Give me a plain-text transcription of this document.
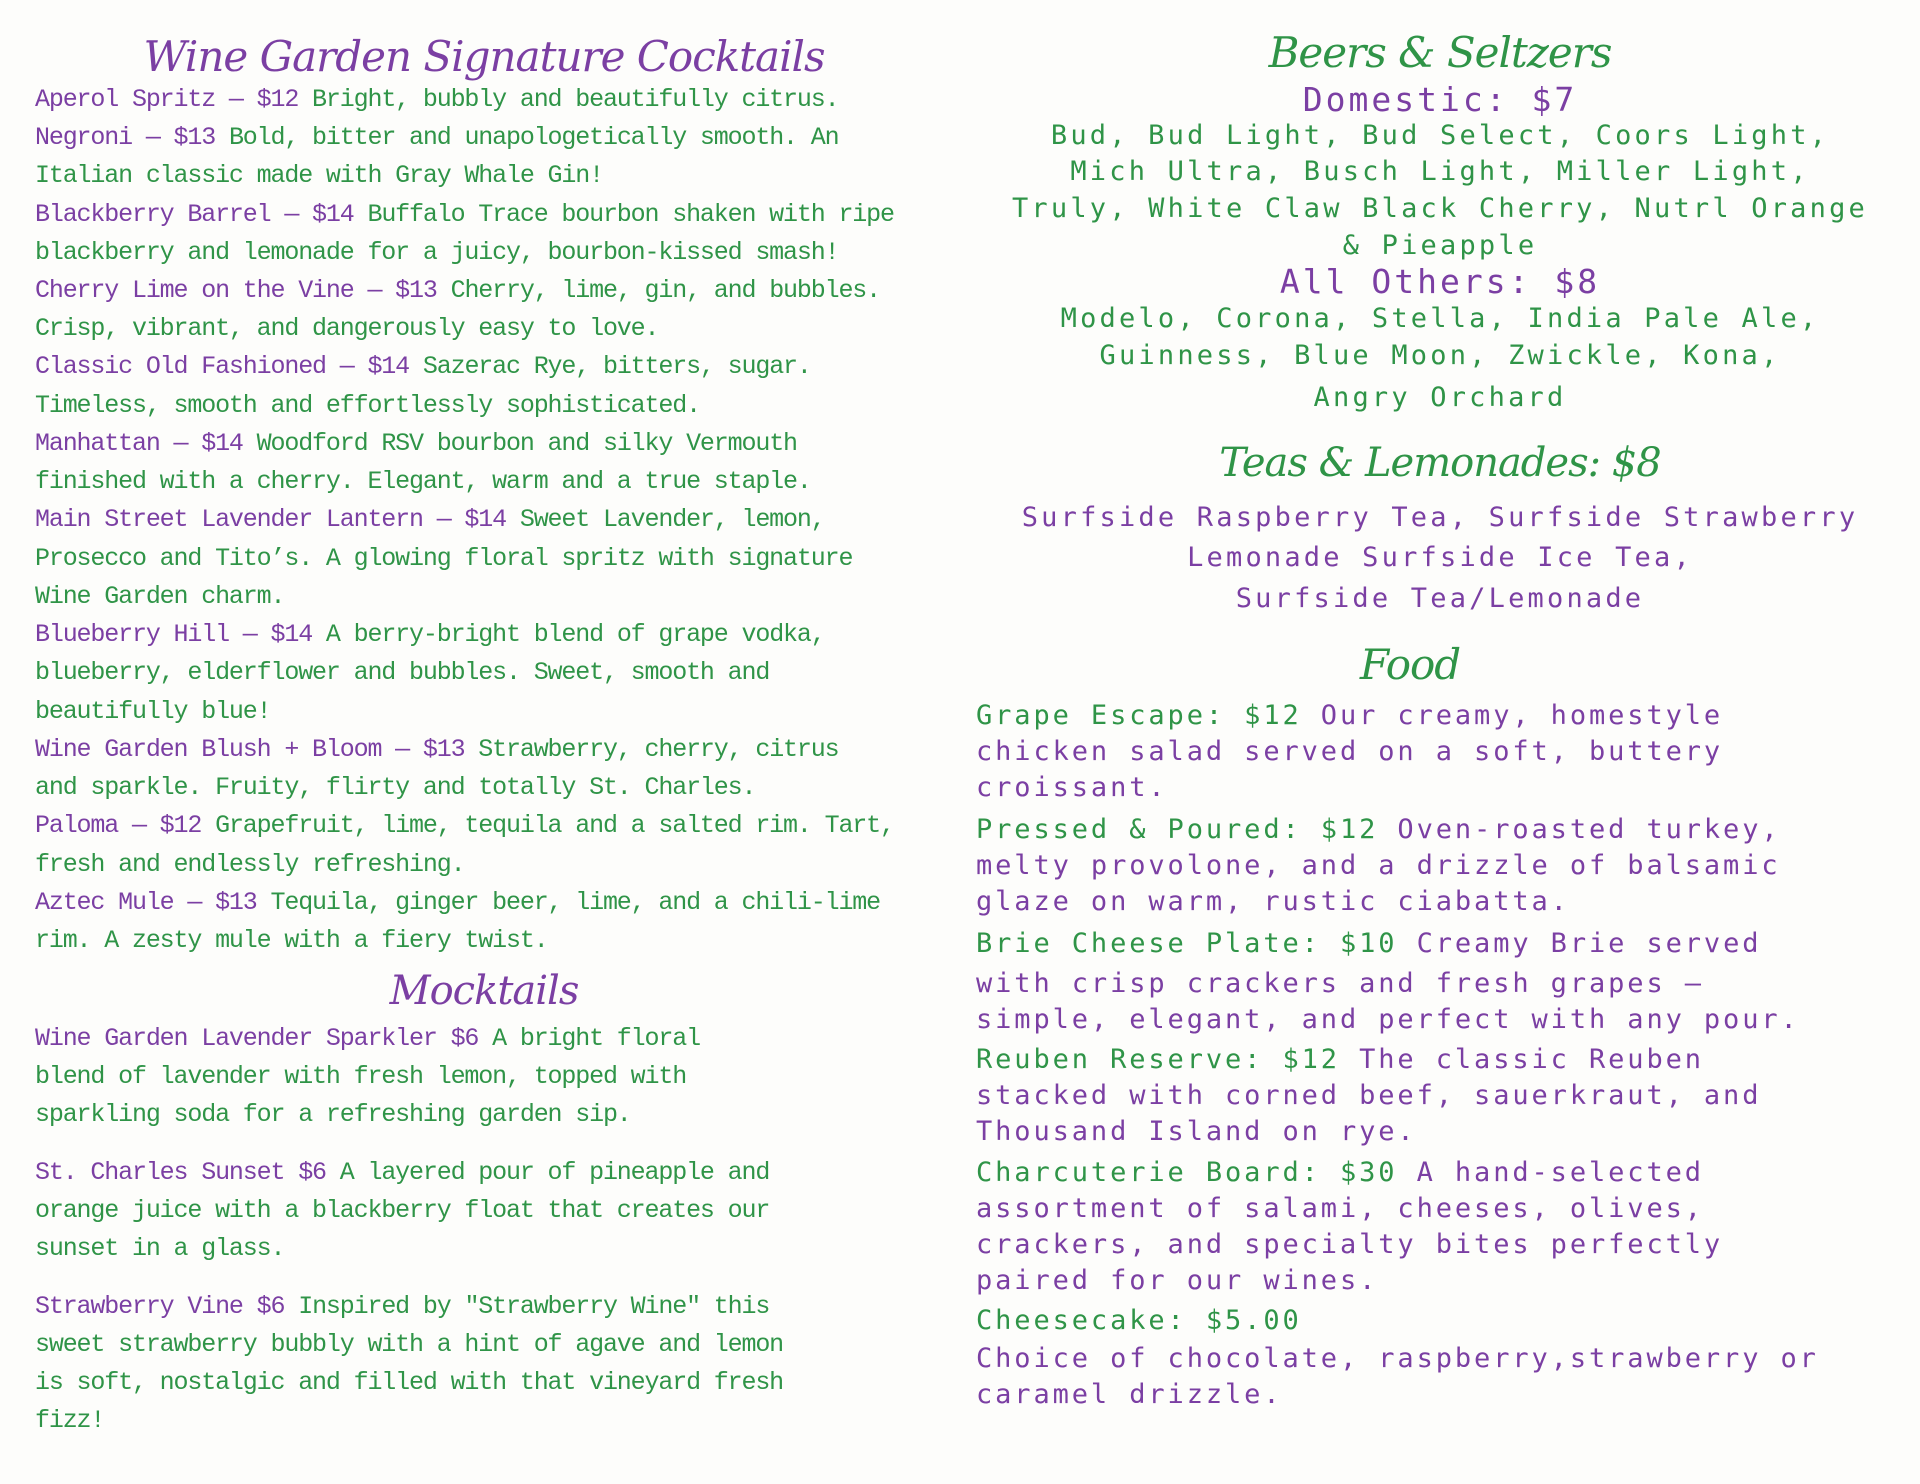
Wine Garden Signature Cocktails
Aperol Spritz — $12 Bright, bubbly and beautifully citrus.
Negroni — $13 Bold, bitter and unapologetically smooth. An
Italian classic made with Gray Whale Gin!
Blackberry Barrel — $14 Buffalo Trace bourbon shaken with ripe
blackberry and lemonade for a juicy, bourbon-kissed smash!
Cherry Lime on the Vine — $13 Cherry, lime, gin, and bubbles.
Crisp, vibrant, and dangerously easy to love.
Classic Old Fashioned — $14 Sazerac Rye, bitters, sugar.
Timeless, smooth and effortlessly sophisticated.
Manhattan — $14 Woodford RSV bourbon and silky Vermouth
finished with a cherry. Elegant, warm and a true staple.
Main Street Lavender Lantern — $14 Sweet Lavender, lemon,
Prosecco and Tito’s. A glowing floral spritz with signature
Wine Garden charm.
Blueberry Hill — $14 A berry-bright blend of grape vodka,
blueberry, elderflower and bubbles. Sweet, smooth and
beautifully blue!
Wine Garden Blush + Bloom — $13 Strawberry, cherry, citrus
and sparkle. Fruity, flirty and totally St. Charles.
Paloma — $12 Grapefruit, lime, tequila and a salted rim. Tart,
fresh and endlessly refreshing.
Aztec Mule — $13 Tequila, ginger beer, lime, and a chili-lime
rim. A zesty mule with a fiery twist.
Mocktails
Wine Garden Lavender Sparkler $6 A bright floral
blend of lavender with fresh lemon, topped with
sparkling soda for a refreshing garden sip.
St. Charles Sunset $6 A layered pour of pineapple and
orange juice with a blackberry float that creates our
sunset in a glass.
Strawberry Vine $6 Inspired by "Strawberry Wine" this
sweet strawberry bubbly with a hint of agave and lemon
is soft, nostalgic and filled with that vineyard fresh
fizz!
Beers & Seltzers
Domestic: $7
Bud, Bud Light, Bud Select, Coors Light,
Mich Ultra, Busch Light, Miller Light,
Truly, White Claw Black Cherry, Nutrl Orange
& Pieapple
All Others: $8
Modelo, Corona, Stella, India Pale Ale,
Guinness, Blue Moon, Zwickle, Kona,
Angry Orchard
Teas & Lemonades: $8
Surfside Raspberry Tea, Surfside Strawberry
Lemonade Surfside Ice Tea,
Surfside Tea/Lemonade
Food
Grape Escape: $12 Our creamy, homestyle
chicken salad served on a soft, buttery
croissant.
Pressed & Poured: $12 Oven-roasted turkey,
melty provolone, and a drizzle of balsamic
glaze on warm, rustic ciabatta.
Brie Cheese Plate: $10 Creamy Brie served
with crisp crackers and fresh grapes —
simple, elegant, and perfect with any pour.
Reuben Reserve: $12 The classic Reuben
stacked with corned beef, sauerkraut, and
Thousand Island on rye.
Charcuterie Board: $30 A hand-selected
assortment of salami, cheeses, olives,
crackers, and specialty bites perfectly
paired for our wines.
Cheesecake: $5.00
Choice of chocolate, raspberry,strawberry or
caramel drizzle.
